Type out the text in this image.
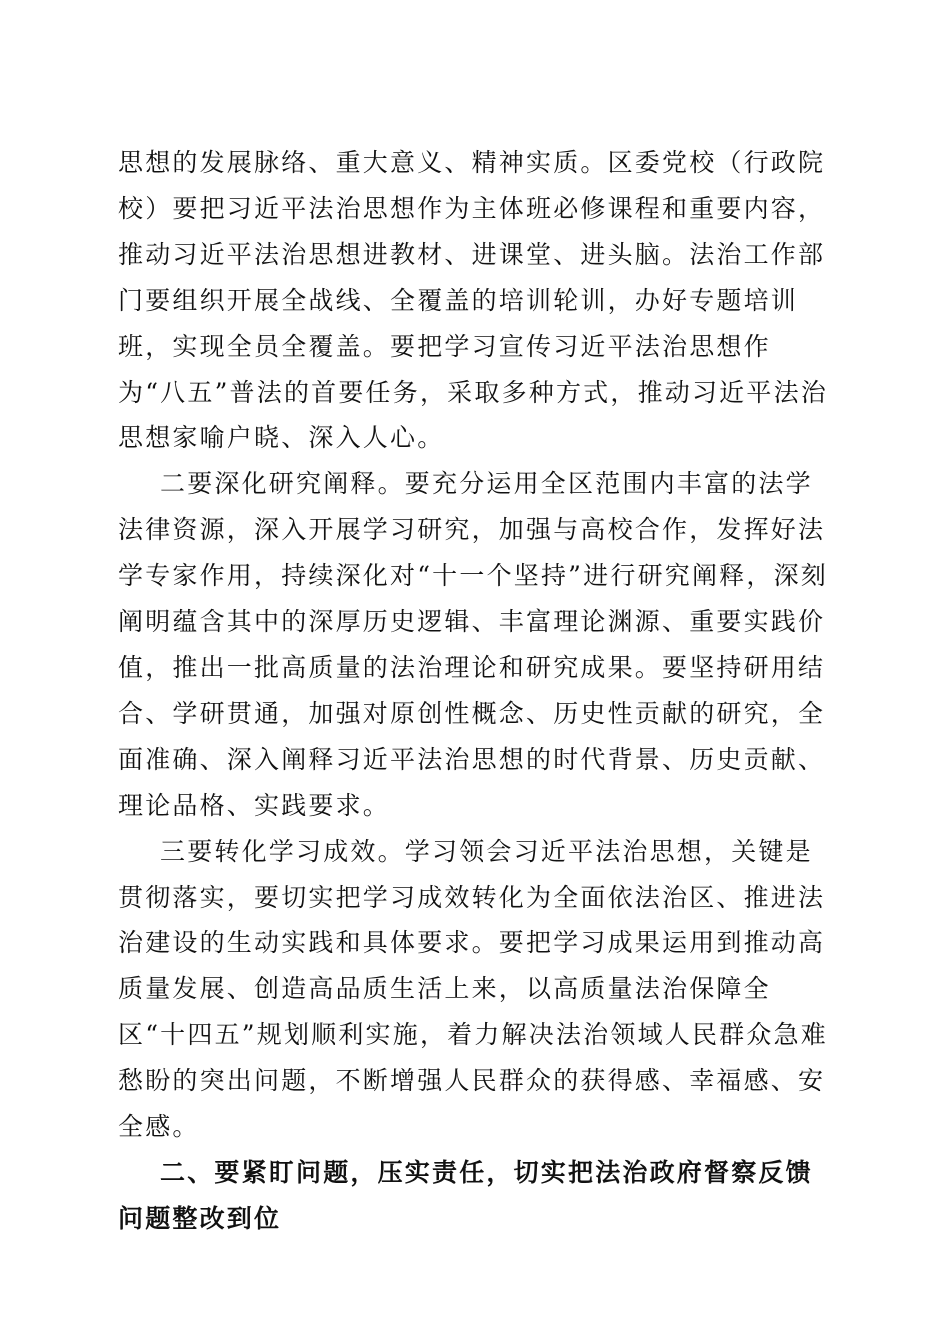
思想的发展脉络、重大意义、精神实质。区委党校（行政院校）要把习近平法治思想作为主体班必修课程和重要内容，推动习近平法治思想进教材、进课堂、进头脑。法治工作部门要组织开展全战线、全覆盖的培训轮训，办好专题培训班，实现全员全覆盖。要把学习宣传习近平法治思想作为“八五”普法的首要任务，采取多种方式，推动习近平法治思想家喻户晓、深入人心。

二要深化研究阐释。要充分运用全区范围内丰富的法学法律资源，深入开展学习研究，加强与高校合作，发挥好法学专家作用，持续深化对“十一个坚持”进行研究阐释，深刻阐明蕴含其中的深厚历史逻辑、丰富理论渊源、重要实践价值，推出一批高质量的法治理论和研究成果。要坚持研用结合、学研贯通，加强对原创性概念、历史性贡献的研究，全面准确、深入阐释习近平法治思想的时代背景、历史贡献、理论品格、实践要求。

三要转化学习成效。学习领会习近平法治思想，关键是贯彻落实，要切实把学习成效转化为全面依法治区、推进法治建设的生动实践和具体要求。要把学习成果运用到推动高质量发展、创造高品质生活上来，以高质量法治保障全区“十四五”规划顺利实施，着力解决法治领域人民群众急难愁盼的突出问题，不断增强人民群众的获得感、幸福感、安全感。

二、要紧盯问题，压实责任，切实把法治政府督察反馈问题整改到位
